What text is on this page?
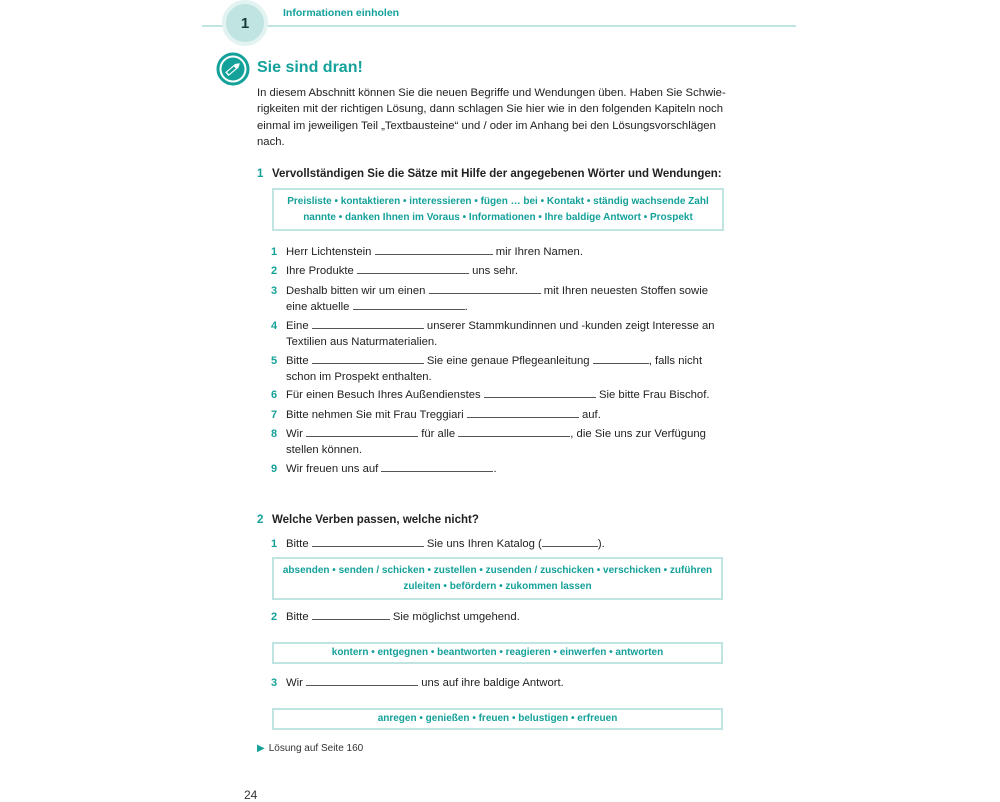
1
Informationen einholen
Sie sind dran!
In diesem Abschnitt können Sie die neuen Begriffe und Wendungen üben. Haben Sie Schwie-
rigkeiten mit der richtigen Lösung, dann schlagen Sie hier wie in den folgenden Kapiteln noch
einmal im jeweiligen Teil „Textbausteine“ und / oder im Anhang bei den Lösungsvorschlägen
nach.
1 Vervollständigen Sie die Sätze mit Hilfe der angegebenen Wörter und Wendungen:
Preisliste • kontaktieren • interessieren • fügen … bei • Kontakt • ständig wachsende Zahl
nannte • danken Ihnen im Voraus • Informationen • Ihre baldige Antwort • Prospekt
1 Herr Lichtenstein	mir Ihren Namen.
2 Ihre Produkte	uns sehr.
3 Deshalb bitten wir um einen	mit Ihren neuesten Stoffen sowie
eine aktuelle	.
4 Eine	unserer Stammkundinnen und -kunden zeigt Interesse an
Textilien aus Naturmaterialien.
5 Bitte	Sie eine genaue Pflegeanleitung	, falls nicht
schon im Prospekt enthalten.
6 Für einen Besuch Ihres Außendienstes	Sie bitte Frau Bischof.
7 Bitte nehmen Sie mit Frau Treggiari	auf.
8 Wir	für alle	, die Sie uns zur Verfügung
stellen können.
9 Wir freuen uns auf	.
2 Welche Verben passen, welche nicht?
1 Bitte	Sie uns Ihren Katalog (	).
absenden • senden / schicken • zustellen • zusenden / zuschicken • verschicken • zuführen
zuleiten • befördern • zukommen lassen
2 Bitte	Sie möglichst umgehend.
kontern • entgegnen • beantworten • reagieren • einwerfen • antworten
3 Wir	uns auf ihre baldige Antwort.
anregen • genießen • freuen • belustigen • erfreuen
▶ Lösung auf Seite 160
24
